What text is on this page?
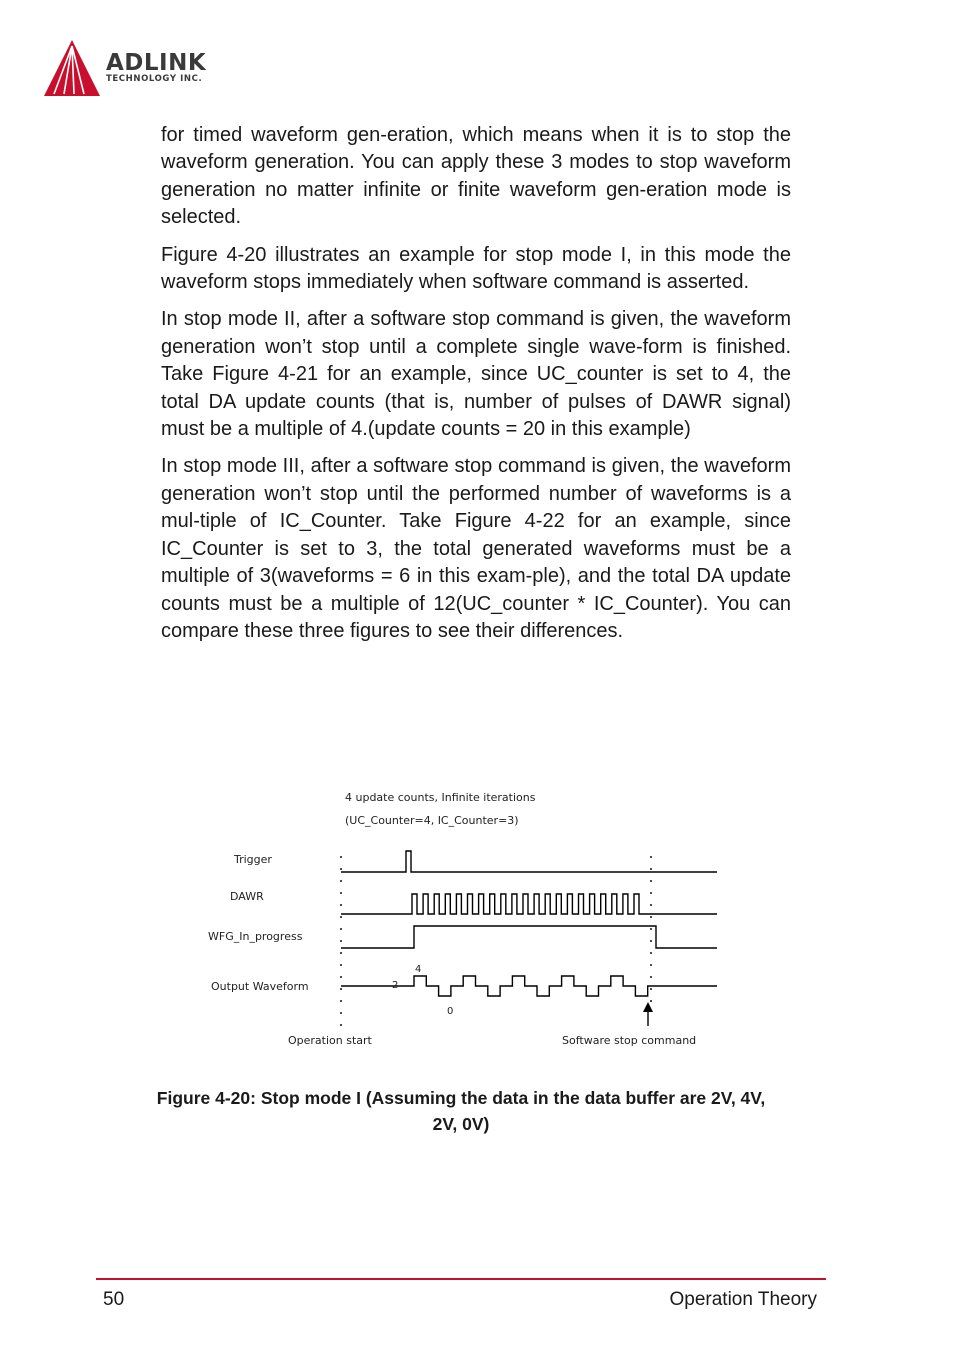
ADLINK
TECHNOLOGY INC.

for timed waveform gen-eration, which means when it is to stop the waveform generation. You can apply these 3 modes to stop waveform generation no matter infinite or finite waveform gen-eration mode is selected.

Figure 4-20 illustrates an example for stop mode I, in this mode the waveform stops immediately when software command is asserted.

In stop mode II, after a software stop command is given, the waveform generation won’t stop until a complete single wave-form is finished. Take Figure 4-21 for an example, since UC_counter is set to 4, the total DA update counts (that is, number of pulses of DAWR signal) must be a multiple of 4.(update counts = 20 in this example)

In stop mode III, after a software stop command is given, the waveform generation won’t stop until the performed number of waveforms is a mul-tiple of IC_Counter. Take Figure 4-22 for an example, since IC_Counter is set to 3, the total generated waveforms must be a multiple of 3(waveforms = 6 in this exam-ple), and the total DA update counts must be a multiple of 12(UC_counter * IC_Counter). You can compare these three figures to see their differences.

4 update counts, Infinite iterations
(UC_Counter=4, IC_Counter=3)
Trigger
DAWR
WFG_In_progress
Output Waveform	2
4
0
Operation start	Software stop command
Figure 4-20: Stop mode I (Assuming the data in the data buffer are 2V, 4V,
2V, 0V)
50	Operation Theory
